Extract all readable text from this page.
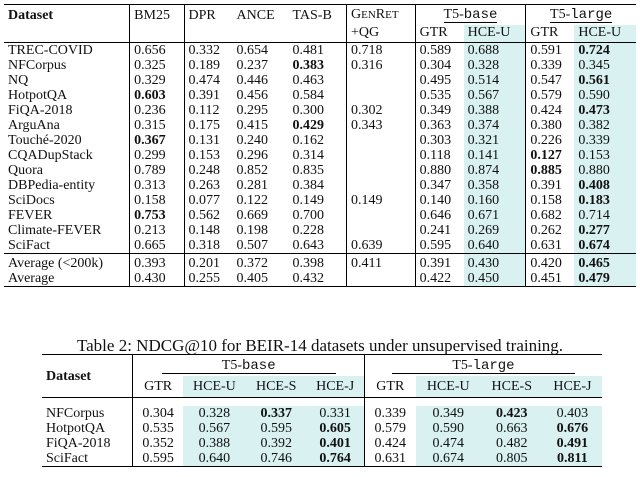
Dataset	BM25	DPR	ANCE	TAS-B	GENRET	T5-base		T5-large	
					+QG	GTR	HCE-U	GTR	HCE-U
TREC-COVID	0.656	0.332	0.654	0.481	0.718	0.589	0.688	0.591	0.724
NFCorpus	0.325	0.189	0.237	0.383	0.316	0.304	0.328	0.339	0.345
NQ	0.329	0.474	0.446	0.463		0.495	0.514	0.547	0.561
HotpotQA	0.603	0.391	0.456	0.584		0.535	0.567	0.579	0.590
FiQA-2018	0.236	0.112	0.295	0.300	0.302	0.349	0.388	0.424	0.473
ArguAna	0.315	0.175	0.415	0.429	0.343	0.363	0.374	0.380	0.382
Touché-2020	0.367	0.131	0.240	0.162		0.303	0.321	0.226	0.339
CQADupStack	0.299	0.153	0.296	0.314		0.118	0.141	0.127	0.153
Quora	0.789	0.248	0.852	0.835		0.880	0.874	0.885	0.880
DBPedia-entity	0.313	0.263	0.281	0.384		0.347	0.358	0.391	0.408
SciDocs	0.158	0.077	0.122	0.149	0.149	0.140	0.160	0.158	0.183
FEVER	0.753	0.562	0.669	0.700		0.646	0.671	0.682	0.714
Climate-FEVER	0.213	0.148	0.198	0.228		0.241	0.269	0.262	0.277
SciFact	0.665	0.318	0.507	0.643	0.639	0.595	0.640	0.631	0.674
Average (<200k)	0.393	0.201	0.372	0.398	0.411	0.391	0.430	0.420	0.465
Average	0.430	0.255	0.405	0.432		0.422	0.450	0.451	0.479
Table 2: NDCG@10 for BEIR-14 datasets under unsupervised training.
Dataset	T5-base				T5-large			
	GTR	HCE-U	HCE-S	HCE-J	GTR	HCE-U	HCE-S	HCE-J

NFCorpus	0.304	0.328	0.337	0.331	0.339	0.349	0.423	0.403
HotpotQA	0.535	0.567	0.595	0.605	0.579	0.590	0.663	0.676
FiQA-2018	0.352	0.388	0.392	0.401	0.424	0.474	0.482	0.491
SciFact	0.595	0.640	0.746	0.764	0.631	0.674	0.805	0.811
